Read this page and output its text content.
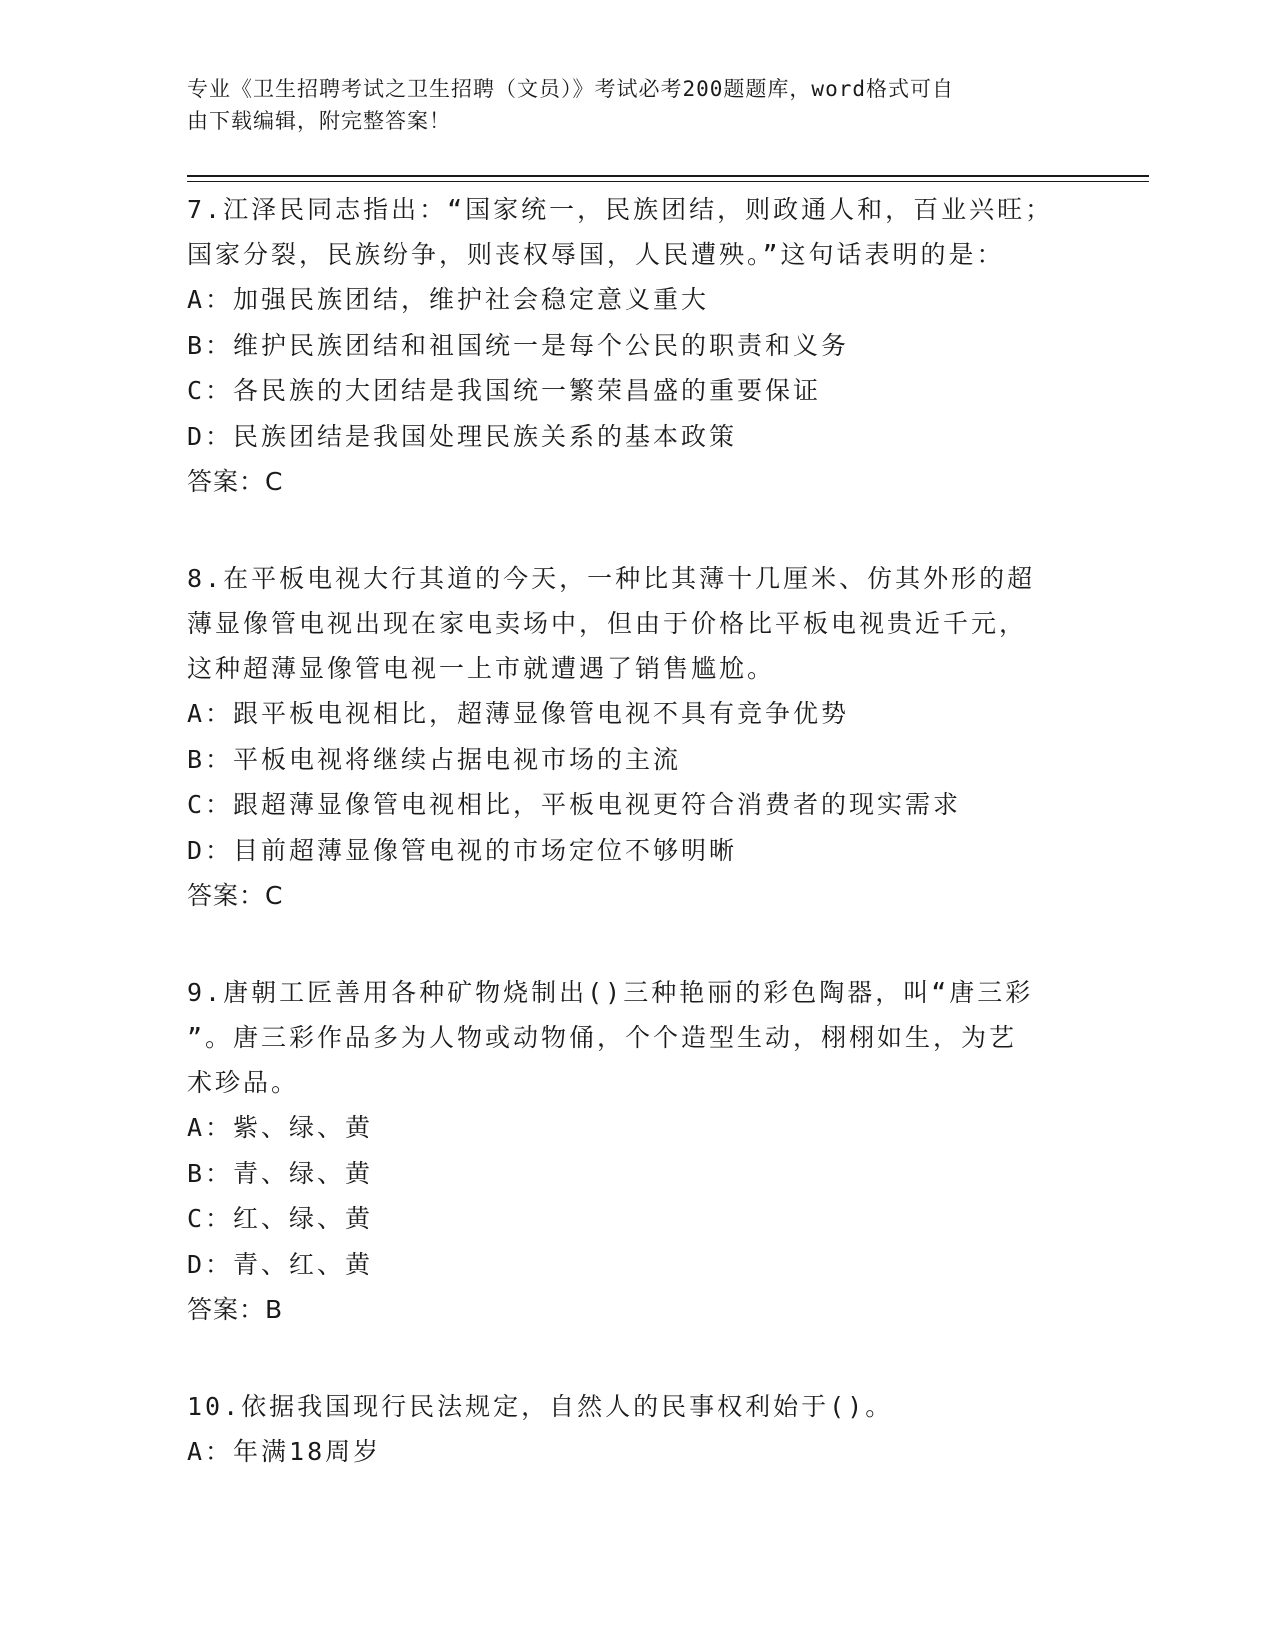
专业《卫生招聘考试之卫生招聘（文员）》考试必考200题题库，word格式可自
由下载编辑，附完整答案！

7.江泽民同志指出：“国家统一，民族团结，则政通人和，百业兴旺；

国家分裂，民族纷争，则丧权辱国，人民遭殃。”这句话表明的是：

A：加强民族团结，维护社会稳定意义重大

B：维护民族团结和祖国统一是每个公民的职责和义务

C：各民族的大团结是我国统一繁荣昌盛的重要保证

D：民族团结是我国处理民族关系的基本政策

答案：C

8.在平板电视大行其道的今天，一种比其薄十几厘米、仿其外形的超

薄显像管电视出现在家电卖场中，但由于价格比平板电视贵近千元，

这种超薄显像管电视一上市就遭遇了销售尴尬。

A：跟平板电视相比，超薄显像管电视不具有竞争优势

B：平板电视将继续占据电视市场的主流

C：跟超薄显像管电视相比，平板电视更符合消费者的现实需求

D：目前超薄显像管电视的市场定位不够明晰

答案：C

9.唐朝工匠善用各种矿物烧制出()三种艳丽的彩色陶器，叫“唐三彩

”。唐三彩作品多为人物或动物俑，个个造型生动，栩栩如生，为艺

术珍品。

A：紫、绿、黄

B：青、绿、黄

C：红、绿、黄

D：青、红、黄

答案：B

10.依据我国现行民法规定，自然人的民事权利始于()。

A：年满18周岁
